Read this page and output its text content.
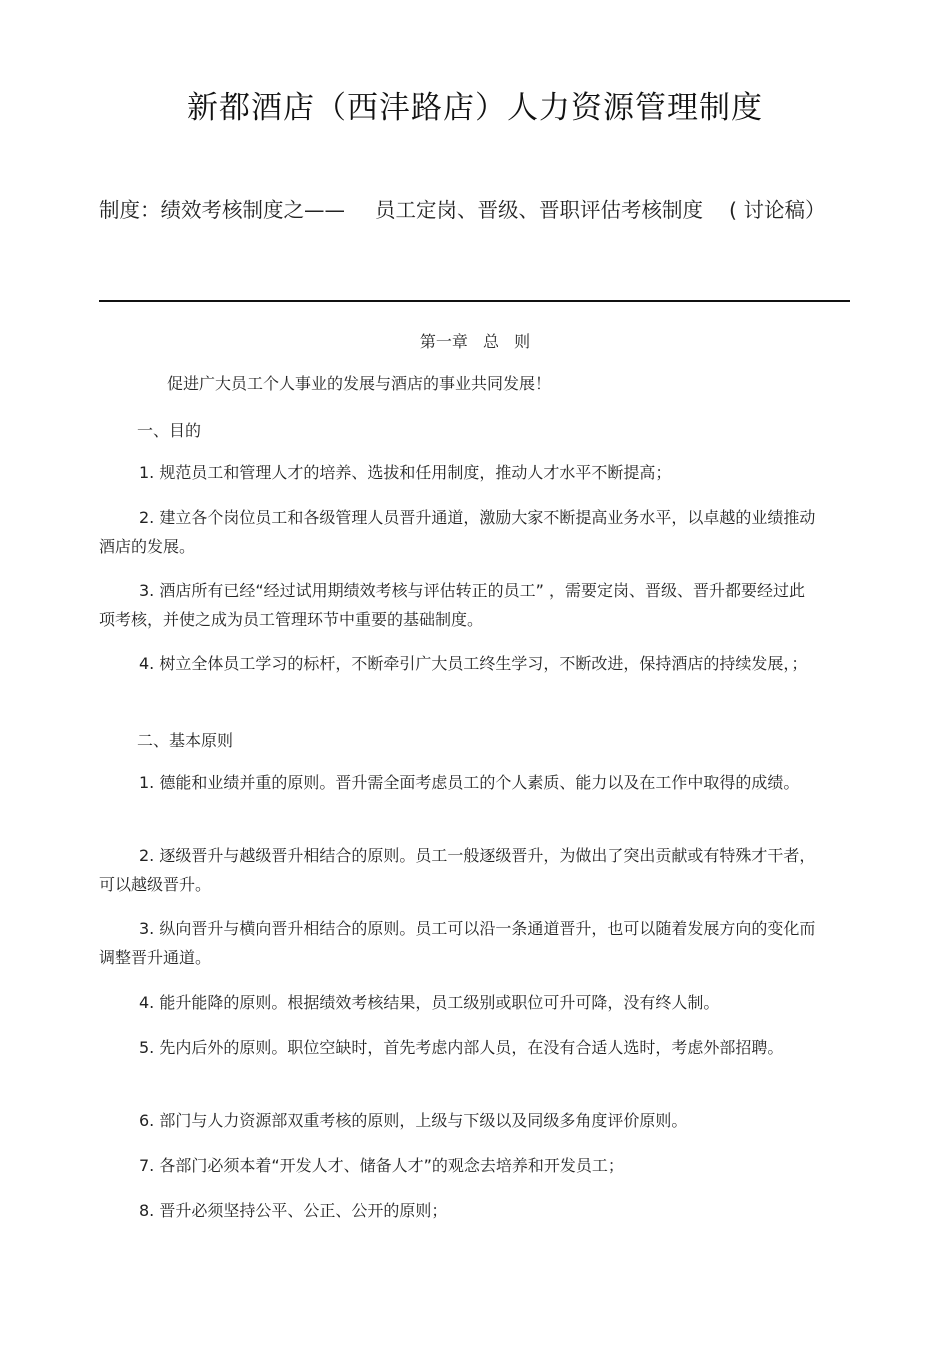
新都酒店（西沣路店）人力资源管理制度
制度：绩效考核制度之—— 员工定岗、晋级、晋职评估考核制度 ( 讨论稿）
第一章 总 则
促进广大员工个人事业的发展与酒店的事业共同发展！
一、目的
1. 规范员工和管理人才的培养、选拔和任用制度，推动人才水平不断提高；
2. 建立各个岗位员工和各级管理人员晋升通道，激励大家不断提高业务水平，以卓越的业绩推动酒店的发展。
3. 酒店所有已经“经过试用期绩效考核与评估转正的员工” ，需要定岗、晋级、晋升都要经过此项考核，并使之成为员工管理环节中重要的基础制度。
4. 树立全体员工学习的标杆，不断牵引广大员工终生学习，不断改进，保持酒店的持续发展，；
二、基本原则
1. 德能和业绩并重的原则。晋升需全面考虑员工的个人素质、能力以及在工作中取得的成绩。
2. 逐级晋升与越级晋升相结合的原则。员工一般逐级晋升，为做出了突出贡献或有特殊才干者，可以越级晋升。
3. 纵向晋升与横向晋升相结合的原则。员工可以沿一条通道晋升，也可以随着发展方向的变化而调整晋升通道。
4. 能升能降的原则。根据绩效考核结果，员工级别或职位可升可降，没有终人制。
5. 先内后外的原则。职位空缺时，首先考虑内部人员，在没有合适人选时，考虑外部招聘。
6. 部门与人力资源部双重考核的原则，上级与下级以及同级多角度评价原则。
7. 各部门必须本着“开发人才、储备人才”的观念去培养和开发员工；
8. 晋升必须坚持公平、公正、公开的原则；
